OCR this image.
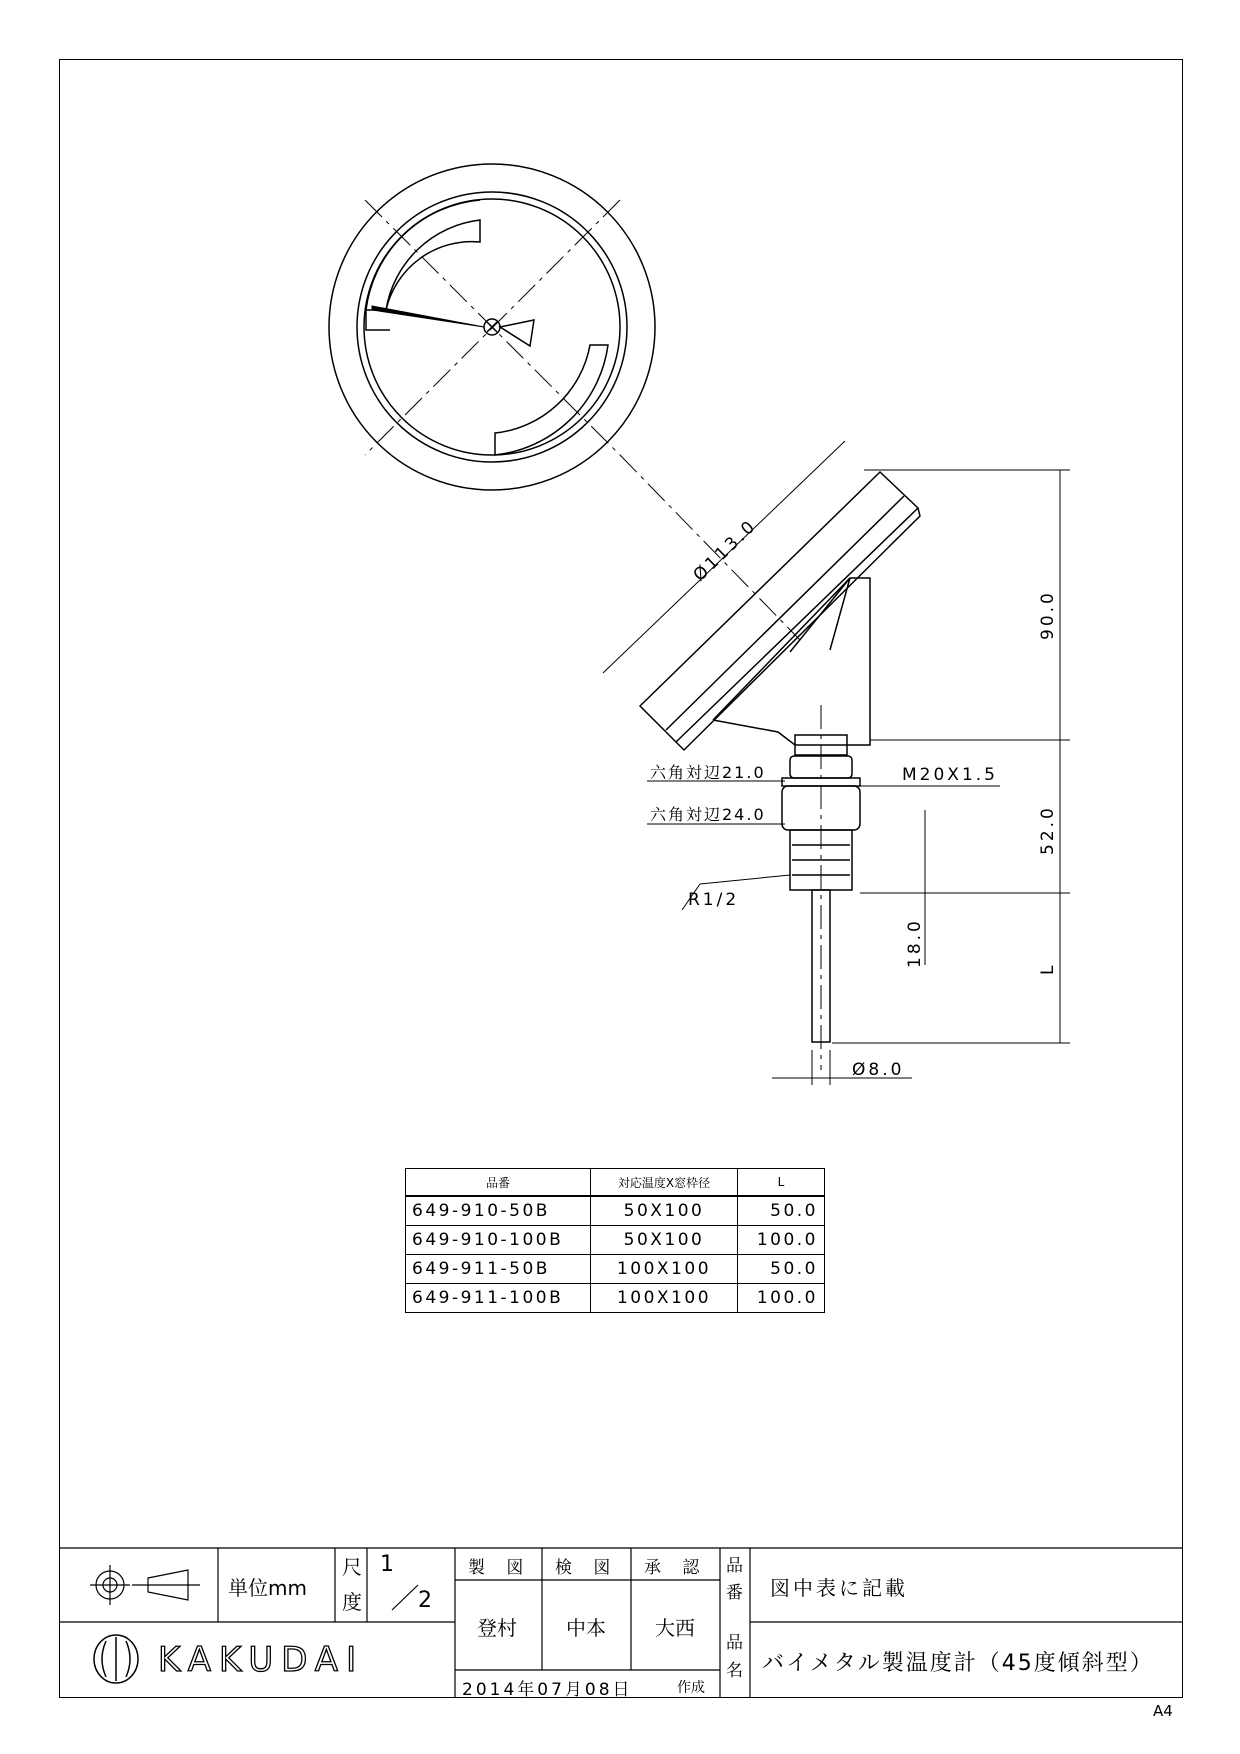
Ø113.0
90.0
52.0
18.0
L
六角対辺21.0
六角対辺24.0
M20X1.5
R1/2
Ø8.0
品番	対応温度X窓枠径	L
649-910-50B	50X100	50.0
649-910-100B	50X100	100.0
649-911-50B	100X100	50.0
649-911-100B	100X100	100.0
KAKUDAI
単位mm
尺
度
1
2
製 図 検 図 承 認
登村 中本 大西
2014年07月08日	作成
品
番 図中表に記載
品
名 バイメタル製温度計（45度傾斜型）
A4
